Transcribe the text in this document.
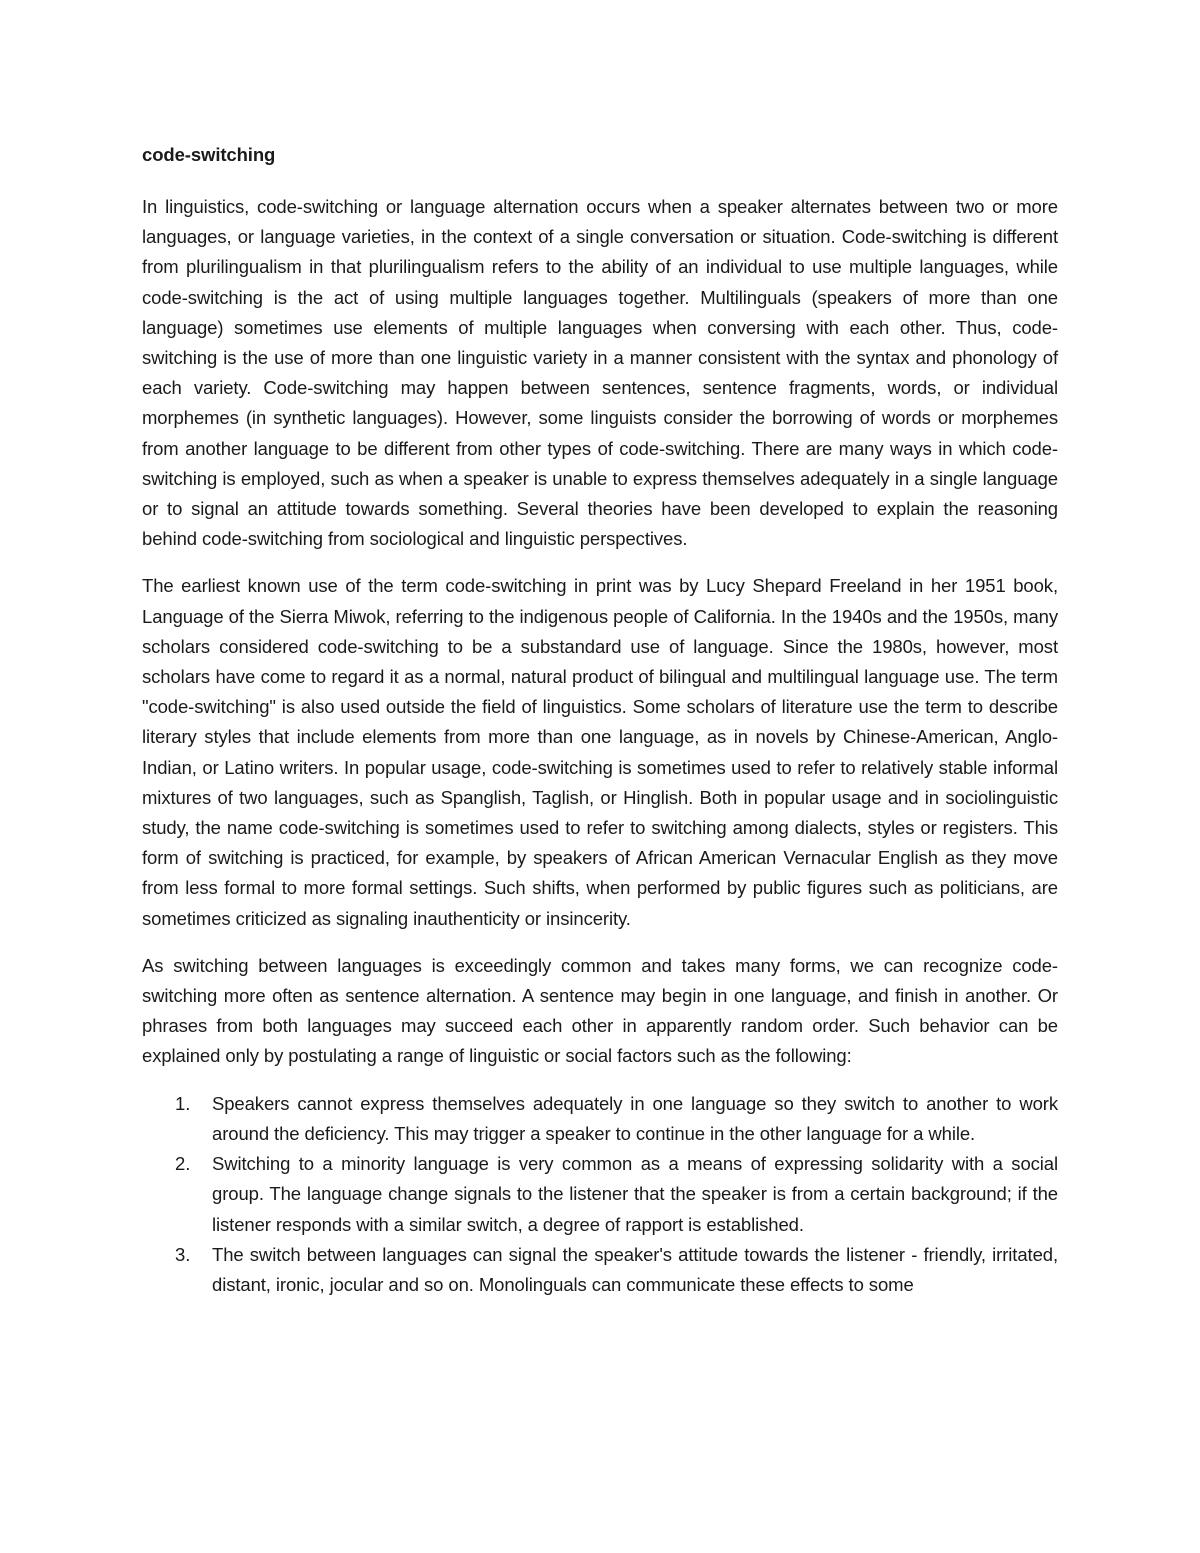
code-switching

In linguistics, code-switching or language alternation occurs when a speaker alternates between two or more languages, or language varieties, in the context of a single conversation or situation. Code-switching is different from plurilingualism in that plurilingualism refers to the ability of an individual to use multiple languages, while code-switching is the act of using multiple languages together. Multilinguals (speakers of more than one language) sometimes use elements of multiple languages when conversing with each other. Thus, code-switching is the use of more than one linguistic variety in a manner consistent with the syntax and phonology of each variety. Code-switching may happen between sentences, sentence fragments, words, or individual morphemes (in synthetic languages). However, some linguists consider the borrowing of words or morphemes from another language to be different from other types of code-switching. There are many ways in which code-switching is employed, such as when a speaker is unable to express themselves adequately in a single language or to signal an attitude towards something. Several theories have been developed to explain the reasoning behind code-switching from sociological and linguistic perspectives.

The earliest known use of the term code-switching in print was by Lucy Shepard Freeland in her 1951 book, Language of the Sierra Miwok, referring to the indigenous people of California. In the 1940s and the 1950s, many scholars considered code-switching to be a substandard use of language. Since the 1980s, however, most scholars have come to regard it as a normal, natural product of bilingual and multilingual language use. The term "code-switching" is also used outside the field of linguistics. Some scholars of literature use the term to describe literary styles that include elements from more than one language, as in novels by Chinese-American, Anglo-Indian, or Latino writers. In popular usage, code-switching is sometimes used to refer to relatively stable informal mixtures of two languages, such as Spanglish, Taglish, or Hinglish. Both in popular usage and in sociolinguistic study, the name code-switching is sometimes used to refer to switching among dialects, styles or registers. This form of switching is practiced, for example, by speakers of African American Vernacular English as they move from less formal to more formal settings. Such shifts, when performed by public figures such as politicians, are sometimes criticized as signaling inauthenticity or insincerity.

As switching between languages is exceedingly common and takes many forms, we can recognize code-switching more often as sentence alternation. A sentence may begin in one language, and finish in another. Or phrases from both languages may succeed each other in apparently random order. Such behavior can be explained only by postulating a range of linguistic or social factors such as the following:

1. Speakers cannot express themselves adequately in one language so they switch to another to work around the deficiency. This may trigger a speaker to continue in the other language for a while.
2. Switching to a minority language is very common as a means of expressing solidarity with a social group. The language change signals to the listener that the speaker is from a certain background; if the listener responds with a similar switch, a degree of rapport is established.
3. The switch between languages can signal the speaker's attitude towards the listener - friendly, irritated, distant, ironic, jocular and so on. Monolinguals can communicate these effects to some
